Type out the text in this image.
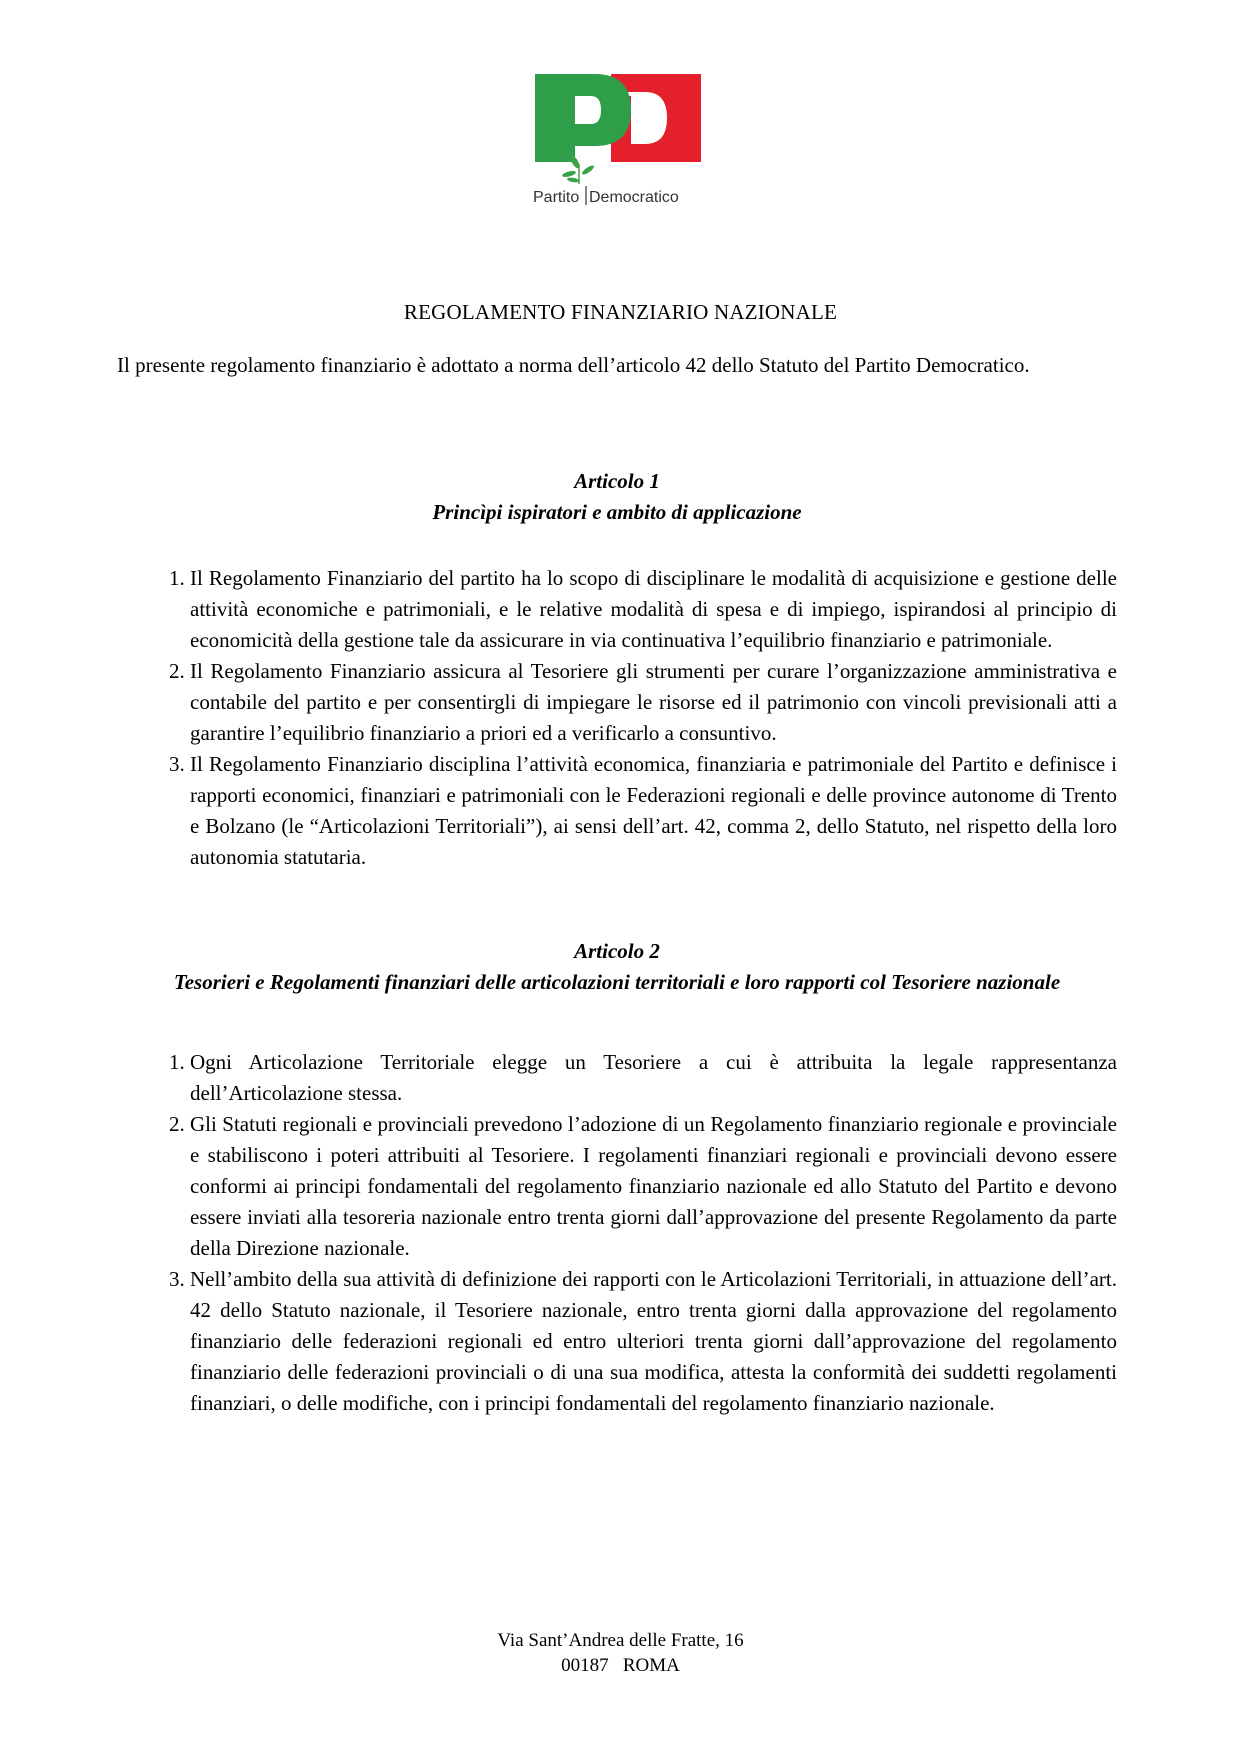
Partito Democratico
REGOLAMENTO FINANZIARIO NAZIONALE
Il presente regolamento finanziario è adottato a norma dell’articolo 42 dello Statuto del Partito Democratico.
Articolo 1
Princìpi ispiratori e ambito di applicazione
1. Il Regolamento Finanziario del partito ha lo scopo di disciplinare le modalità di acquisizione e gestione delle attività economiche e patrimoniali, e le relative modalità di spesa e di impiego, ispirandosi al principio di economicità della gestione tale da assicurare in via continuativa l’equilibrio finanziario e patrimoniale.
2. Il Regolamento Finanziario assicura al Tesoriere gli strumenti per curare l’organizzazione amministrativa e contabile del partito e per consentirgli di impiegare le risorse ed il patrimonio con vincoli previsionali atti a garantire l’equilibrio finanziario a priori ed a verificarlo a consuntivo.
3. Il Regolamento Finanziario disciplina l’attività economica, finanziaria e patrimoniale del Partito e definisce i rapporti economici, finanziari e patrimoniali con le Federazioni regionali e delle province autonome di Trento e Bolzano (le “Articolazioni Territoriali”), ai sensi dell’art. 42, comma 2, dello Statuto, nel rispetto della loro autonomia statutaria.
Articolo 2
Tesorieri e Regolamenti finanziari delle articolazioni territoriali e loro rapporti col Tesoriere nazionale
1. Ogni Articolazione Territoriale elegge un Tesoriere a cui è attribuita la legale rappresentanza dell’Articolazione stessa.
2. Gli Statuti regionali e provinciali prevedono l’adozione di un Regolamento finanziario regionale e provinciale e stabiliscono i poteri attribuiti al Tesoriere. I regolamenti finanziari regionali e provinciali devono essere conformi ai principi fondamentali del regolamento finanziario nazionale ed allo Statuto del Partito e devono essere inviati alla tesoreria nazionale entro trenta giorni dall’approvazione del presente Regolamento da parte della Direzione nazionale.
3. Nell’ambito della sua attività di definizione dei rapporti con le Articolazioni Territoriali, in attuazione dell’art. 42 dello Statuto nazionale, il Tesoriere nazionale, entro trenta giorni dalla approvazione del regolamento finanziario delle federazioni regionali ed entro ulteriori trenta giorni dall’approvazione del regolamento finanziario delle federazioni provinciali o di una sua modifica, attesta la conformità dei suddetti regolamenti finanziari, o delle modifiche, con i principi fondamentali del regolamento finanziario nazionale.
Via Sant’Andrea delle Fratte, 16
00187   ROMA
